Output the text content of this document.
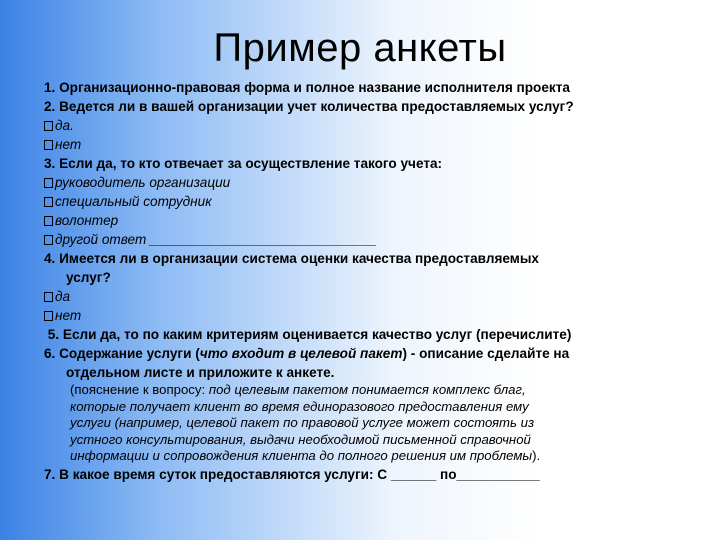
Пример анкеты
1. Организационно-правовая форма и полное название исполнителя проекта
2. Ведется ли в вашей организации учет количества предоставляемых услуг?
да.
нет
3. Если да, то кто отвечает за осуществление такого учета:
руководитель организации
специальный сотрудник
волонтер
другой ответ ______________________________
4. Имеется ли в организации система оценки качества предоставляемых
услуг?
да
нет
5. Если да, то по каким критериям оценивается качество услуг (перечислите)
6. Содержание услуги (что входит в целевой пакет) - описание сделайте на
отдельном листе и приложите к анкете.
(пояснение к вопросу: под целевым пакетом понимается комплекс благ,
которые получает клиент во время единоразового предоставления ему
услуги (например, целевой пакет по правовой услуге может состоять из
устного консультирования, выдачи необходимой письменной справочной
информации и сопровождения клиента до полного решения им проблемы).
7. В какое время суток предоставляются услуги: С ______ по___________
